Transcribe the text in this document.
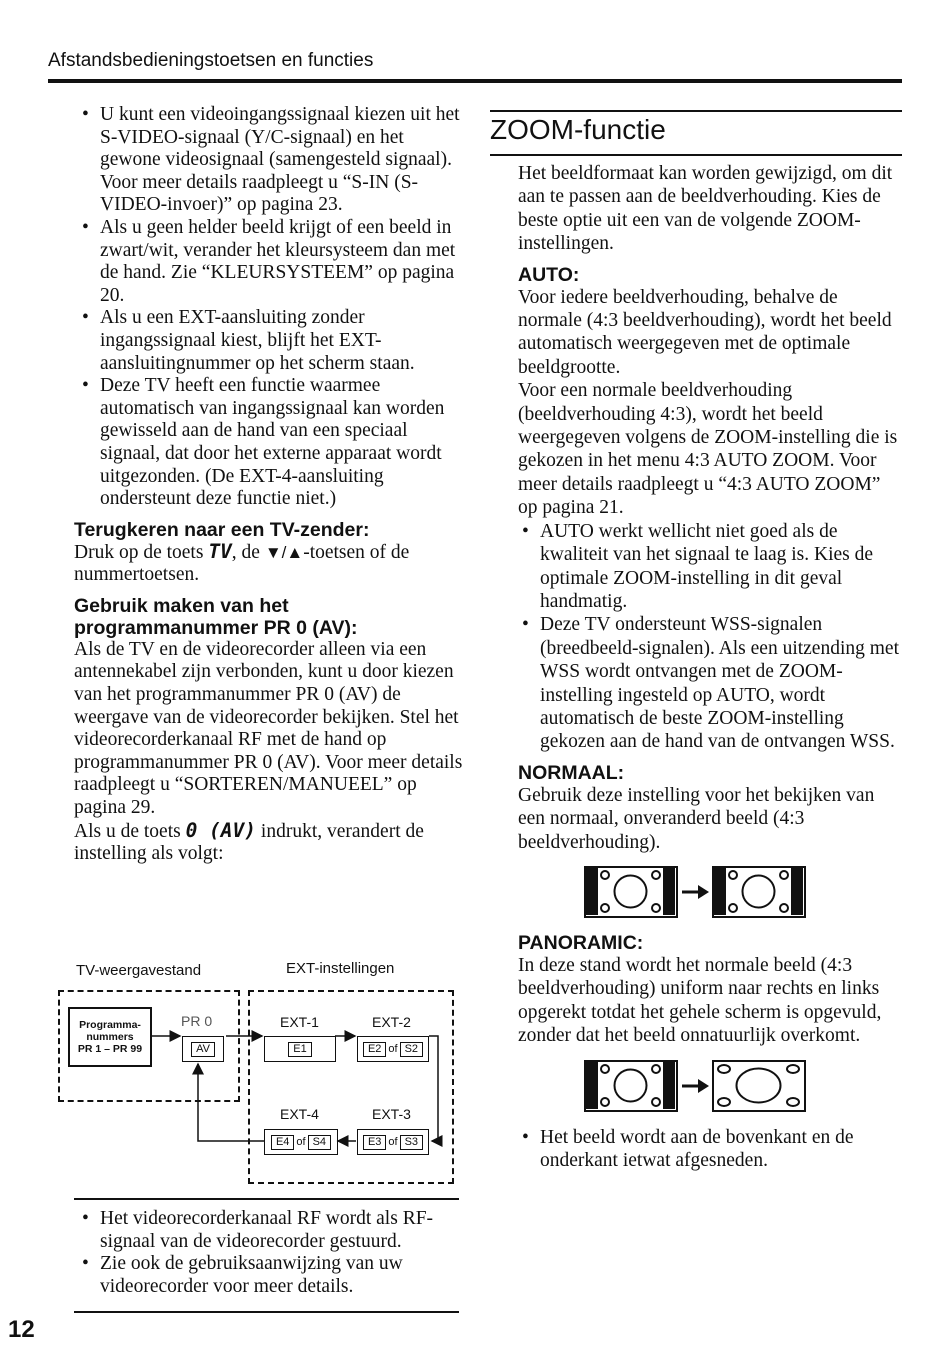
Afstandsbedieningstoetsen en functies
• U kunt een videoingangssignaal kiezen uit het S-VIDEO-signaal (Y/C-signaal) en het gewone videosignaal (samengesteld signaal). Voor meer details raadpleegt u “S-IN (S-VIDEO-invoer)” op pagina 23.
• Als u geen helder beeld krijgt of een beeld in zwart/wit, verander het kleursysteem dan met de hand. Zie “KLEURSYSTEEM” op pagina 20.
• Als u een EXT-aansluiting zonder ingangssignaal kiest, blijft het EXT-aansluitingnummer op het scherm staan.
• Deze TV heeft een functie waarmee automatisch van ingangssignaal kan worden gewisseld aan de hand van een speciaal signaal, dat door het externe apparaat wordt uitgezonden. (De EXT-4-aansluiting ondersteunt deze functie niet.)
Terugkeren naar een TV-zender:
Druk op de toets TV, de ▼/▲-toetsen of de nummertoetsen.
Gebruik maken van het programmanummer PR 0 (AV):
Als de TV en de videorecorder alleen via een antennekabel zijn verbonden, kunt u door kiezen van het programmanummer PR 0 (AV) de weergave van de videorecorder bekijken. Stel het videorecorderkanaal RF met de hand op programmanummer PR 0 (AV). Voor meer details raadpleegt u “SORTEREN/MANUEEL” op pagina 29.
Als u de toets 0 (AV) indrukt, verandert de instelling als volgt:
TV-weergavestand	EXT-instellingen
Programma-
nummers
PR 1 – PR 99
PR 0
AV
EXT-1
E1
EXT-2
E2 of S2
EXT-4
E4 of S4
EXT-3
E3 of S3
• Het videorecorderkanaal RF wordt als RF-signaal van de videorecorder gestuurd.
• Zie ook de gebruiksaanwijzing van uw videorecorder voor meer details.
12
ZOOM-functie
Het beeldformaat kan worden gewijzigd, om dit aan te passen aan de beeldverhouding. Kies de beste optie uit een van de volgende ZOOM-instellingen.
AUTO:
Voor iedere beeldverhouding, behalve de normale (4:3 beeldverhouding), wordt het beeld automatisch weergegeven met de optimale beeldgrootte.
Voor een normale beeldverhouding (beeldverhouding 4:3), wordt het beeld weergegeven volgens de ZOOM-instelling die is gekozen in het menu 4:3 AUTO ZOOM. Voor meer details raadpleegt u “4:3 AUTO ZOOM” op pagina 21.
• AUTO werkt wellicht niet goed als de kwaliteit van het signaal te laag is. Kies de optimale ZOOM-instelling in dit geval handmatig.
• Deze TV ondersteunt WSS-signalen (breedbeeld-signalen). Als een uitzending met WSS wordt ontvangen met de ZOOM-instelling ingesteld op AUTO, wordt automatisch de beste ZOOM-instelling gekozen aan de hand van de ontvangen WSS.
NORMAAL:
Gebruik deze instelling voor het bekijken van een normaal, onveranderd beeld (4:3 beeldverhouding).
PANORAMIC:
In deze stand wordt het normale beeld (4:3 beeldverhouding) uniform naar rechts en links opgerekt totdat het gehele scherm is opgevuld, zonder dat het beeld onnatuurlijk overkomt.
• Het beeld wordt aan de bovenkant en de onderkant ietwat afgesneden.
